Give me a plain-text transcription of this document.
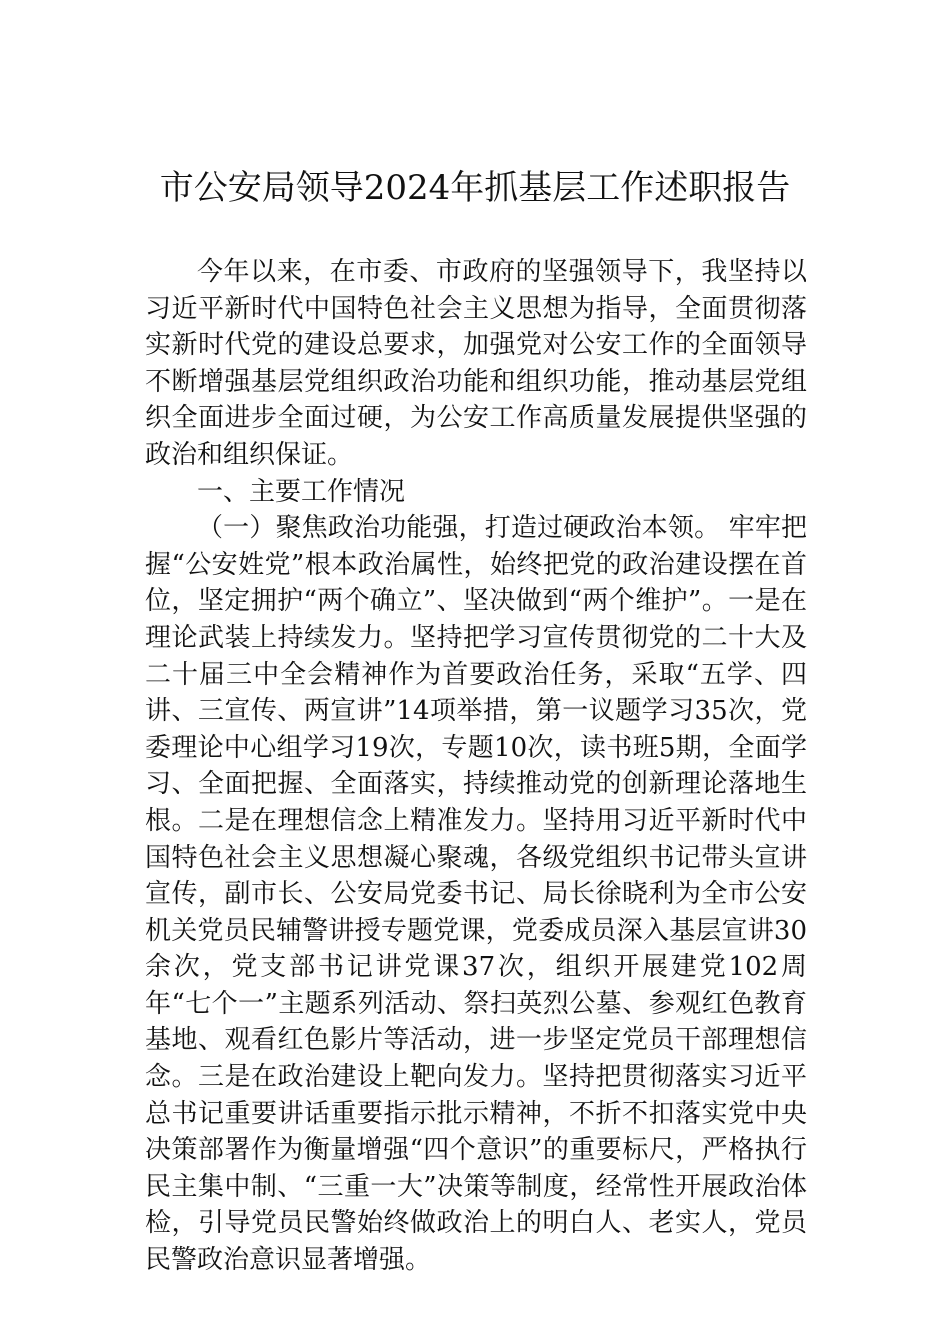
市公安局领导2024年抓基层工作述职报告

今年以来，在市委、市政府的坚强领导下，我坚持以习近平新时代中国特色社会主义思想为指导，全面贯彻落实新时代党的建设总要求，加强党对公安工作的全面领导不断增强基层党组织政治功能和组织功能，推动基层党组织全面进步全面过硬，为公安工作高质量发展提供坚强的政治和组织保证。

一、主要工作情况

（一）聚焦政治功能强，打造过硬政治本领。 牢牢把握“公安姓党”根本政治属性，始终把党的政治建设摆在首位，坚定拥护“两个确立”、坚决做到“两个维护”。一是在理论武装上持续发力。坚持把学习宣传贯彻党的二十大及二十届三中全会精神作为首要政治任务，采取“五学、四讲、三宣传、两宣讲”14项举措，第一议题学习35次，党委理论中心组学习19次，专题10次，读书班5期，全面学习、全面把握、全面落实，持续推动党的创新理论落地生根。二是在理想信念上精准发力。坚持用习近平新时代中国特色社会主义思想凝心聚魂，各级党组织书记带头宣讲宣传，副市长、公安局党委书记、局长徐晓利为全市公安机关党员民辅警讲授专题党课，党委成员深入基层宣讲30余次，党支部书记讲党课37次，组织开展建党102周年“七个一”主题系列活动、祭扫英烈公墓、参观红色教育基地、观看红色影片等活动，进一步坚定党员干部理想信念。三是在政治建设上靶向发力。坚持把贯彻落实习近平总书记重要讲话重要指示批示精神，不折不扣落实党中央决策部署作为衡量增强“四个意识”的重要标尺，严格执行民主集中制、“三重一大”决策等制度，经常性开展政治体检，引导党员民警始终做政治上的明白人、老实人，党员民警政治意识显著增强。
